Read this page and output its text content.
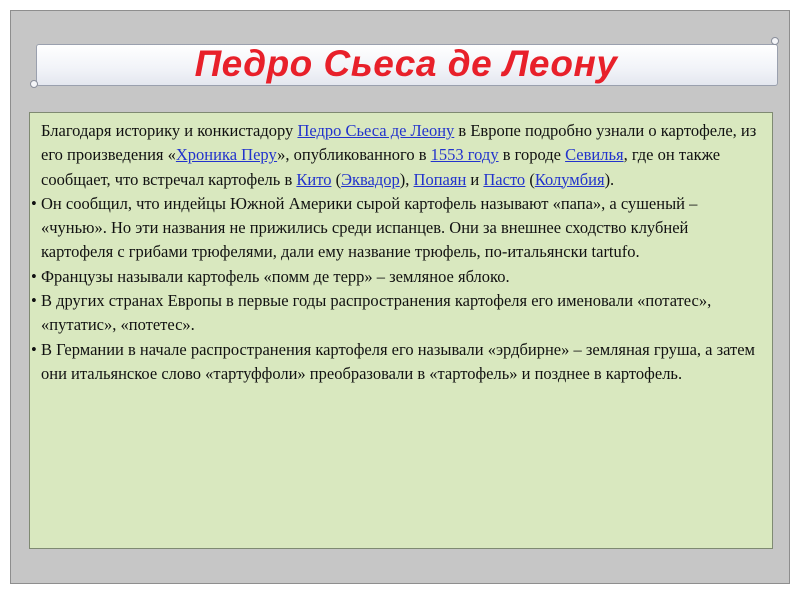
Педро Сьеса де Леону

Благодаря историку и конкистадору Педро Сьеса де Леону в Европе подробно узнали о картофеле, из его произведения «Хроника Перу», опубликованного в 1553 году в городе Севилья, где он также сообщает, что встречал картофель в Кито (Эквадор), Попаян и Пасто (Колумбия).

• Он сообщил, что индейцы Южной Америки сырой картофель называют «папа», а сушеный – «чунью». Но эти названия не прижились среди испанцев. Они за внешнее сходство клубней картофеля с грибами трюфелями, дали ему название трюфель, по-итальянски tartufo.

• Французы называли картофель «помм де терр» – земляное яблоко.

• В других странах Европы в первые годы распространения картофеля его именовали «потатес», «путатис», «потетес».

• В Германии в начале распространения картофеля его называли «эрдбирне» – земляная груша, а затем они итальянское слово «тартуффоли» преобразовали в «тартофель» и позднее в картофель.
